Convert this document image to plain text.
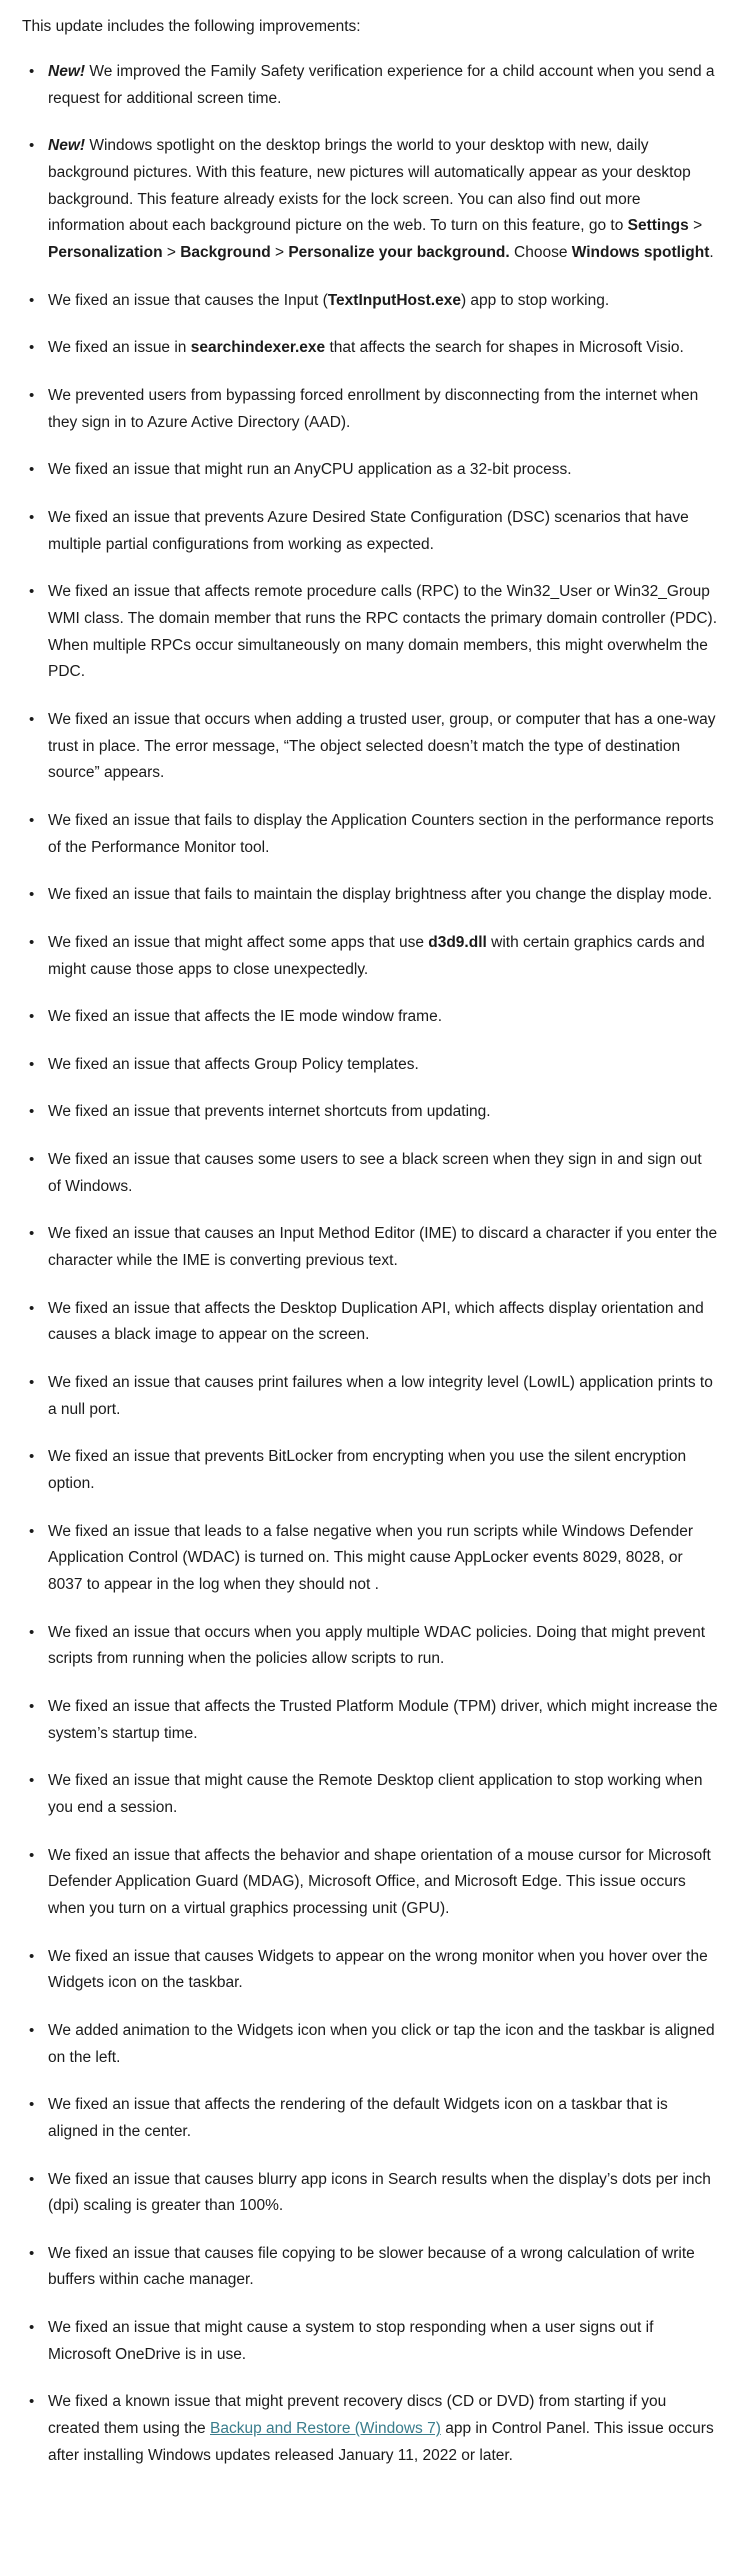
This update includes the following improvements:

• New! We improved the Family Safety verification experience for a child account when you send a request for additional screen time.
• New! Windows spotlight on the desktop brings the world to your desktop with new, daily background pictures. With this feature, new pictures will automatically appear as your desktop background. This feature already exists for the lock screen. You can also find out more information about each background picture on the web. To turn on this feature, go to Settings > Personalization > Background > Personalize your background. Choose Windows spotlight.
• We fixed an issue that causes the Input (TextInputHost.exe) app to stop working.
• We fixed an issue in searchindexer.exe that affects the search for shapes in Microsoft Visio.
• We prevented users from bypassing forced enrollment by disconnecting from the internet when they sign in to Azure Active Directory (AAD).
• We fixed an issue that might run an AnyCPU application as a 32-bit process.
• We fixed an issue that prevents Azure Desired State Configuration (DSC) scenarios that have multiple partial configurations from working as expected.
• We fixed an issue that affects remote procedure calls (RPC) to the Win32_User or Win32_Group WMI class. The domain member that runs the RPC contacts the primary domain controller (PDC). When multiple RPCs occur simultaneously on many domain members, this might overwhelm the PDC.
• We fixed an issue that occurs when adding a trusted user, group, or computer that has a one-way trust in place. The error message, “The object selected doesn’t match the type of destination source” appears.
• We fixed an issue that fails to display the Application Counters section in the performance reports of the Performance Monitor tool.
• We fixed an issue that fails to maintain the display brightness after you change the display mode.
• We fixed an issue that might affect some apps that use d3d9.dll with certain graphics cards and might cause those apps to close unexpectedly.
• We fixed an issue that affects the IE mode window frame.
• We fixed an issue that affects Group Policy templates.
• We fixed an issue that prevents internet shortcuts from updating.
• We fixed an issue that causes some users to see a black screen when they sign in and sign out of Windows.
• We fixed an issue that causes an Input Method Editor (IME) to discard a character if you enter the character while the IME is converting previous text.
• We fixed an issue that affects the Desktop Duplication API, which affects display orientation and causes a black image to appear on the screen.
• We fixed an issue that causes print failures when a low integrity level (LowIL) application prints to a null port.
• We fixed an issue that prevents BitLocker from encrypting when you use the silent encryption option.
• We fixed an issue that leads to a false negative when you run scripts while Windows Defender Application Control (WDAC) is turned on. This might cause AppLocker events 8029, 8028, or 8037 to appear in the log when they should not .
• We fixed an issue that occurs when you apply multiple WDAC policies. Doing that might prevent scripts from running when the policies allow scripts to run.
• We fixed an issue that affects the Trusted Platform Module (TPM) driver, which might increase the system’s startup time.
• We fixed an issue that might cause the Remote Desktop client application to stop working when you end a session.
• We fixed an issue that affects the behavior and shape orientation of a mouse cursor for Microsoft Defender Application Guard (MDAG), Microsoft Office, and Microsoft Edge. This issue occurs when you turn on a virtual graphics processing unit (GPU).
• We fixed an issue that causes Widgets to appear on the wrong monitor when you hover over the Widgets icon on the taskbar.
• We added animation to the Widgets icon when you click or tap the icon and the taskbar is aligned on the left.
• We fixed an issue that affects the rendering of the default Widgets icon on a taskbar that is aligned in the center.
• We fixed an issue that causes blurry app icons in Search results when the display’s dots per inch (dpi) scaling is greater than 100%.
• We fixed an issue that causes file copying to be slower because of a wrong calculation of write buffers within cache manager.
• We fixed an issue that might cause a system to stop responding when a user signs out if Microsoft OneDrive is in use.
• We fixed a known issue that might prevent recovery discs (CD or DVD) from starting if you created them using the Backup and Restore (Windows 7) app in Control Panel. This issue occurs after installing Windows updates released January 11, 2022 or later.
